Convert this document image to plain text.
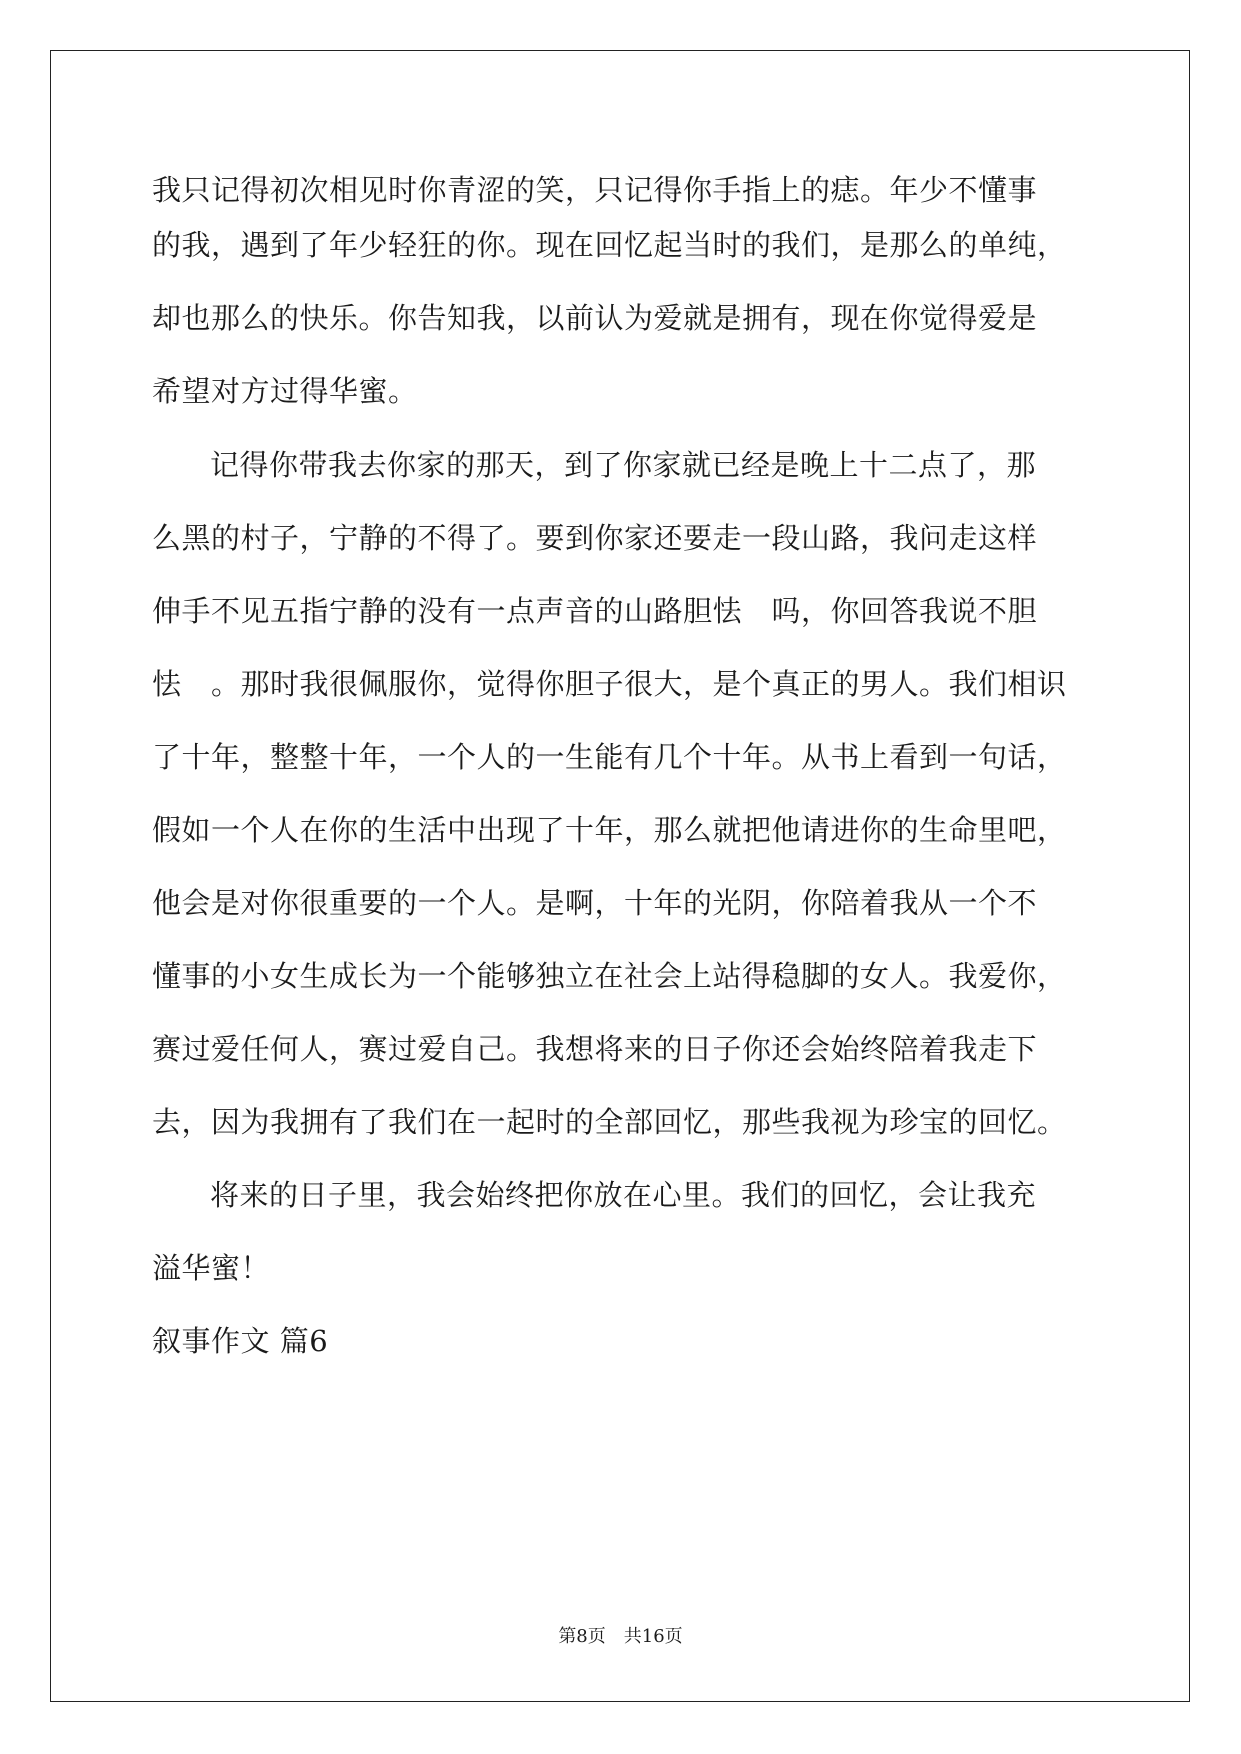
我只记得初次相见时你青涩的笑，只记得你手指上的痣。年少不懂事
的我，遇到了年少轻狂的你。现在回忆起当时的我们，是那么的单纯，
却也那么的快乐。你告知我，以前认为爱就是拥有，现在你觉得爱是
希望对方过得华蜜。
记得你带我去你家的那天，到了你家就已经是晚上十二点了，那
么黑的村子，宁静的不得了。要到你家还要走一段山路，我问走这样
伸手不见五指宁静的没有一点声音的山路胆怯　吗，你回答我说不胆
怯　。那时我很佩服你，觉得你胆子很大，是个真正的男人。我们相识
了十年，整整十年，一个人的一生能有几个十年。从书上看到一句话，
假如一个人在你的生活中出现了十年，那么就把他请进你的生命里吧，
他会是对你很重要的一个人。是啊，十年的光阴，你陪着我从一个不
懂事的小女生成长为一个能够独立在社会上站得稳脚的女人。我爱你，
赛过爱任何人，赛过爱自己。我想将来的日子你还会始终陪着我走下
去，因为我拥有了我们在一起时的全部回忆，那些我视为珍宝的回忆。
将来的日子里，我会始终把你放在心里。我们的回忆，会让我充
溢华蜜！
叙事作文 篇6
第8页 共16页
